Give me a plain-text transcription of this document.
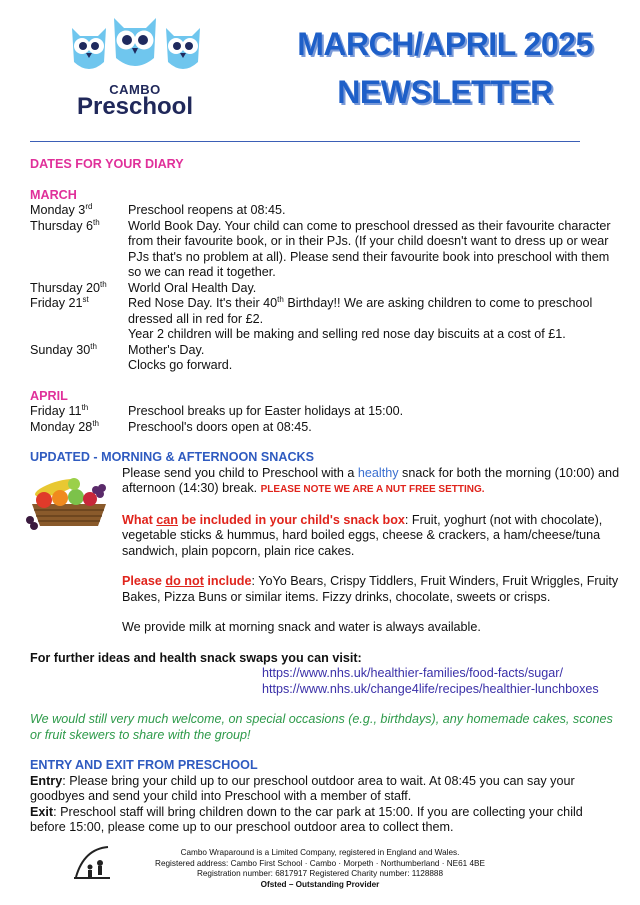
CAMBO
Preschool
MARCH/APRIL 2025
NEWSLETTER
DATES FOR YOUR DIARY
MARCH
Monday 3rd	Preschool reopens at 08:45.
Thursday 6th	World Book Day. Your child can come to preschool dressed as their favourite character from their favourite book, or in their PJs. (If your child doesn't want to dress up or wear PJs that's no problem at all). Please send their favourite book into preschool with them so we can read it together.
Thursday 20th	World Oral Health Day.
Friday 21st	Red Nose Day. It's their 40th Birthday!! We are asking children to come to preschool dressed all in red for £2.
Year 2 children will be making and selling red nose day biscuits at a cost of £1.
Sunday 30th	Mother's Day.
Clocks go forward.
APRIL
Friday 11th	Preschool breaks up for Easter holidays at 15:00.
Monday 28th	Preschool's doors open at 08:45.
UPDATED - MORNING & AFTERNOON SNACKS
Please send you child to Preschool with a healthy snack for both the morning (10:00) and afternoon (14:30) break. PLEASE NOTE WE ARE A NUT FREE SETTING.
What can be included in your child's snack box: Fruit, yoghurt (not with chocolate), vegetable sticks & hummus, hard boiled eggs, cheese & crackers, a ham/cheese/tuna sandwich, plain popcorn, plain rice cakes.
Please do not include: YoYo Bears, Crispy Tiddlers, Fruit Winders, Fruit Wriggles, Fruity Bakes, Pizza Buns or similar items. Fizzy drinks, chocolate, sweets or crisps.
We provide milk at morning snack and water is always available.
For further ideas and health snack swaps you can visit:
https://www.nhs.uk/healthier-families/food-facts/sugar/
https://www.nhs.uk/change4life/recipes/healthier-lunchboxes
We would still very much welcome, on special occasions (e.g., birthdays), any homemade cakes, scones or fruit skewers to share with the group!
ENTRY AND EXIT FROM PRESCHOOL
Entry: Please bring your child up to our preschool outdoor area to wait. At 08:45 you can say your goodbyes and send your child into Preschool with a member of staff.
Exit: Preschool staff will bring children down to the car park at 15:00. If you are collecting your child before 15:00, please come up to our preschool outdoor area to collect them.
Cambo Wraparound is a Limited Company, registered in England and Wales.
Registered address: Cambo First School · Cambo · Morpeth · Northumberland · NE61 4BE
Registration number: 6817917 Registered Charity number: 1128888
Ofsted – Outstanding Provider
